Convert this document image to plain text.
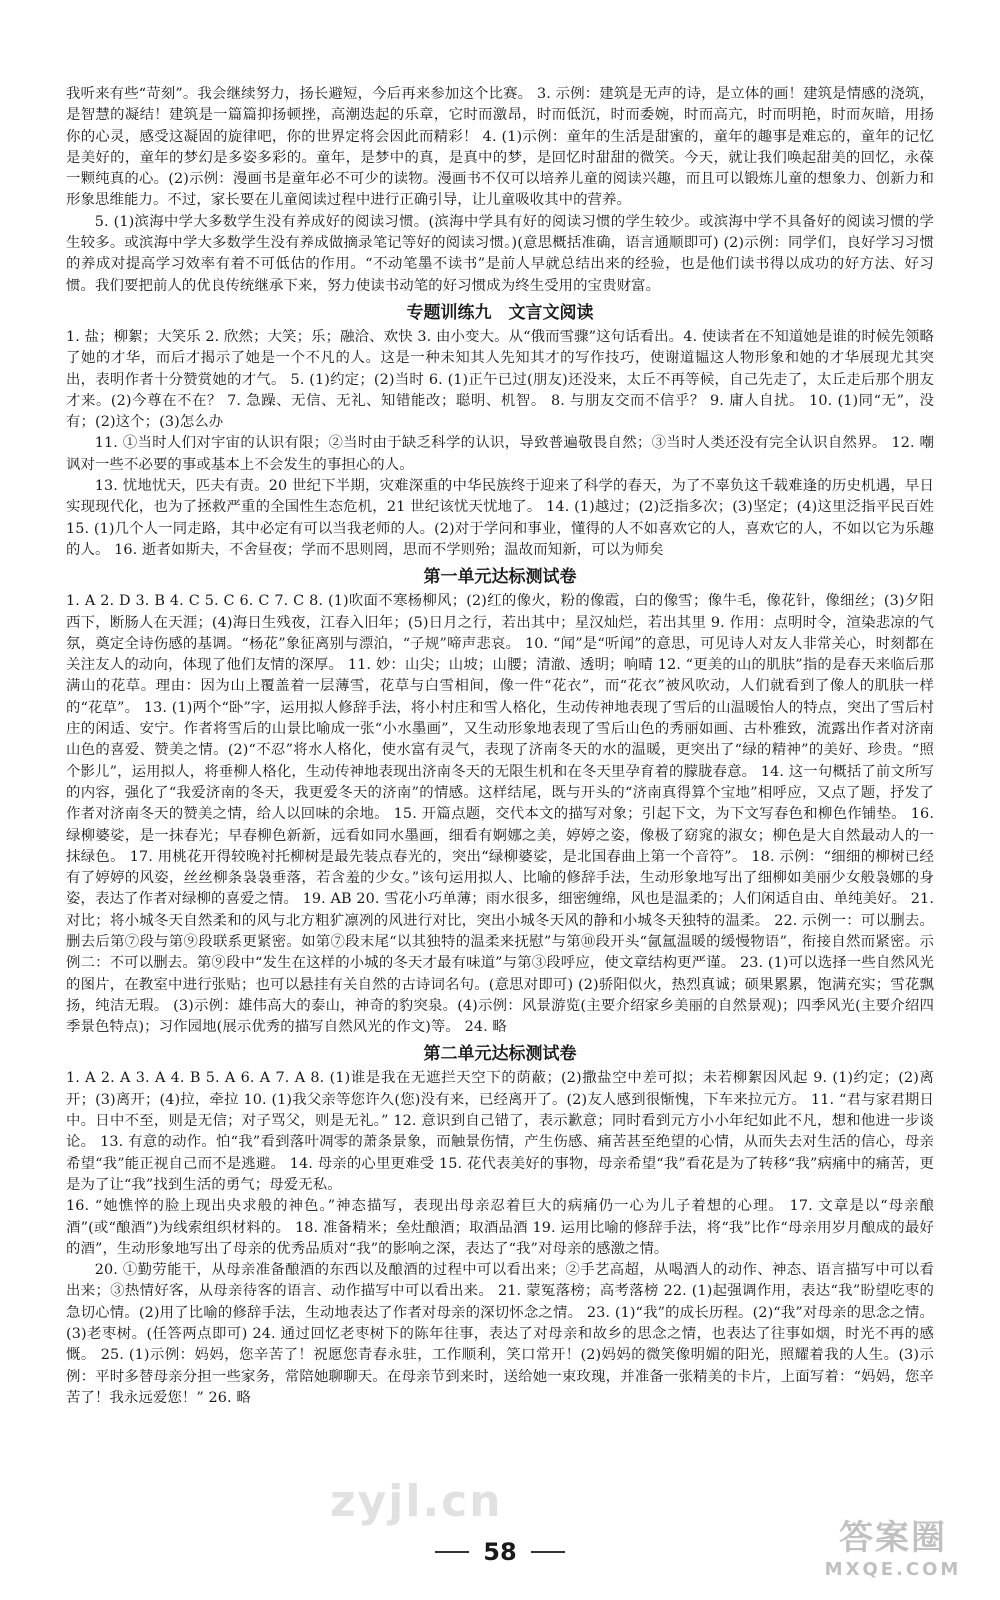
我听来有些“苛刻”。我会继续努力，扬长避短，今后再来参加这个比赛。 3. 示例：建筑是无声的诗，是立体的画！建筑是情感的浇筑，是智慧的凝结！建筑是一篇篇抑扬顿挫，高潮迭起的乐章，它时而激昂，时而低沉，时而委婉，时而高亢，时而明艳，时而灰暗，用扬你的心灵，感受这凝固的旋律吧，你的世界定将会因此而精彩！ 4. (1)示例：童年的生活是甜蜜的，童年的趣事是难忘的，童年的记忆是美好的，童年的梦幻是多姿多彩的。童年，是梦中的真，是真中的梦，是回忆时甜甜的微笑。今天，就让我们唤起甜美的回忆，永葆一颗纯真的心。(2)示例：漫画书是童年必不可少的读物。漫画书不仅可以培养儿童的阅读兴趣，而且可以锻炼儿童的想象力、创新力和形象思维能力。不过，家长要在儿童阅读过程中进行正确引导，让儿童吸收其中的营养。

5. (1)滨海中学大多数学生没有养成好的阅读习惯。(滨海中学具有好的阅读习惯的学生较少。或滨海中学不具备好的阅读习惯的学生较多。或滨海中学大多数学生没有养成做摘录笔记等好的阅读习惯。)(意思概括准确，语言通顺即可) (2)示例：同学们，良好学习习惯的养成对提高学习效率有着不可低估的作用。“不动笔墨不读书”是前人早就总结出来的经验，也是他们读书得以成功的好方法、好习惯。我们要把前人的优良传统继承下来，努力使读书动笔的好习惯成为终生受用的宝贵财富。

专题训练九　文言文阅读

1. 盐；柳絮；大笑乐 2. 欣然；大笑；乐；融洽、欢快 3. 由小变大。从“俄而雪骤”这句话看出。4. 使读者在不知道她是谁的时候先领略了她的才华，而后才揭示了她是一个不凡的人。这是一种未知其人先知其才的写作技巧，使谢道韫这人物形象和她的才华展现尤其突出，表明作者十分赞赏她的才气。 5. (1)约定；(2)当时 6. (1)正午已过(朋友)还没来，太丘不再等候，自己先走了，太丘走后那个朋友才来。(2)今尊在不在？ 7. 急躁、无信、无礼、知错能改；聪明、机智。 8. 与朋友交而不信乎？ 9. 庸人自扰。 10. (1)同“无”，没有；(2)这个；(3)怎么办

11. ①当时人们对宇宙的认识有限；②当时由于缺乏科学的认识，导致普遍敬畏自然；③当时人类还没有完全认识自然界。 12. 嘲讽对一些不必要的事或基本上不会发生的事担心的人。

13. 忧地忧天，匹夫有责。20 世纪下半期，灾难深重的中华民族终于迎来了科学的春天，为了不辜负这千载难逢的历史机遇，早日实现现代化，也为了拯救严重的全国性生态危机，21 世纪该忧天忧地了。 14. (1)越过；(2)泛指多次；(3)坚定；(4)这里泛指平民百姓 15. (1)几个人一同走路，其中必定有可以当我老师的人。(2)对于学问和事业，懂得的人不如喜欢它的人，喜欢它的人，不如以它为乐趣的人。 16. 逝者如斯夫，不舍昼夜；学而不思则罔，思而不学则殆；温故而知新，可以为师矣

第一单元达标测试卷

1. A 2. D 3. B 4. C 5. C 6. C 7. C 8. (1)吹面不寒杨柳风；(2)红的像火，粉的像霞，白的像雪；像牛毛，像花针，像细丝；(3)夕阳西下，断肠人在天涯；(4)海日生残夜，江春入旧年；(5)日月之行，若出其中；星汉灿烂，若出其里 9. 作用：点明时令，渲染悲凉的气氛，奠定全诗伤感的基调。“杨花”象征离别与漂泊，“子规”啼声悲哀。 10. “闻”是“听闻”的意思，可见诗人对友人非常关心，时刻都在关注友人的动向，体现了他们友情的深厚。 11. 妙：山尖；山坡；山腰；清澈、透明；响晴 12. “更美的山的肌肤”指的是春天来临后那满山的花草。理由：因为山上覆盖着一层薄雪，花草与白雪相间，像一件“花衣”，而“花衣”被风吹动，人们就看到了像人的肌肤一样的“花草”。 13. (1)两个“卧”字，运用拟人修辞手法，将小村庄和雪人格化，生动传神地表现了雪后的山温暖怡人的特点，突出了雪后村庄的闲适、安宁。作者将雪后的山景比喻成一张“小水墨画”，又生动形象地表现了雪后山色的秀丽如画、古朴雅致，流露出作者对济南山色的喜爱、赞美之情。(2)“不忍”将水人格化，使水富有灵气，表现了济南冬天的水的温暖，更突出了“绿的精神”的美好、珍贵。“照个影儿”，运用拟人，将垂柳人格化，生动传神地表现出济南冬天的无限生机和在冬天里孕育着的朦胧春意。 14. 这一句概括了前文所写的内容，强化了“我爱济南的冬天，我更爱冬天的济南”的情感。这样结尾，既与开头的“济南真得算个宝地”相呼应，又点了题，抒发了作者对济南冬天的赞美之情，给人以回味的余地。 15. 开篇点题，交代本文的描写对象；引起下文，为下文写春色和柳色作铺垫。 16. 绿柳婆娑，是一抹春光；早春柳色新新，远看如同水墨画，细看有婀娜之美，婷婷之姿，像极了窈窕的淑女；柳色是大自然最动人的一抹绿色。 17. 用桃花开得较晚衬托柳树是最先装点春光的，突出“绿柳婆娑，是北国春曲上第一个音符”。 18. 示例：“细细的柳树已经有了婷婷的风姿，丝丝柳条袅袅垂落，若含羞的少女。”该句运用拟人、比喻的修辞手法，生动形象地写出了细柳如美丽少女般袅娜的身姿，表达了作者对绿柳的喜爱之情。 19. AB 20. 雪花小巧单薄；雨水很多，细密缠绵，风也是温柔的；人们闲适自由、单纯美好。 21. 对比；将小城冬天自然柔和的风与北方粗犷凛冽的风进行对比，突出小城冬天风的静和小城冬天独特的温柔。 22. 示例一：可以删去。删去后第⑦段与第⑨段联系更紧密。如第⑦段末尾“以其独特的温柔来抚慰”与第⑩段开头“氤氲温暖的缓慢物语”，衔接自然而紧密。示例二：不可以删去。第⑨段中“发生在这样的小城的冬天才最有味道”与第③段呼应，使文章结构更严谨。 23. (1)可以选择一些自然风光的图片，在教室中进行张贴；也可以悬挂有关自然的古诗词名句。(意思对即可) (2)骄阳似火，热烈真诚；硕果累累，饱满充实；雪花飘扬，纯洁无瑕。 (3)示例：雄伟高大的泰山，神奇的豹突泉。(4)示例：风景游览(主要介绍家乡美丽的自然景观)；四季风光(主要介绍四季景色特点)；习作园地(展示优秀的描写自然风光的作文)等。 24. 略

第二单元达标测试卷

1. A 2. A 3. A 4. B 5. A 6. A 7. A 8. (1)谁是我在无遮拦天空下的荫蔽；(2)撒盐空中差可拟；未若柳絮因风起 9. (1)约定；(2)离开；(3)离开；(4)拉，牵拉 10. (1)我父亲等您许久(您)没有来，已经离开了。(2)友人感到很惭愧，下车来拉元方。 11. “君与家君期日中。日中不至，则是无信；对子骂父，则是无礼。” 12. 意识到自己错了，表示歉意；同时看到元方小小年纪如此不凡，想和他进一步谈论。 13. 有意的动作。怕“我”看到落叶凋零的萧条景象，而触景伤情，产生伤感、痛苦甚至绝望的心情，从而失去对生活的信心，母亲希望“我”能正视自己而不是逃避。 14. 母亲的心里更难受 15. 花代表美好的事物，母亲希望“我”看花是为了转移“我”病痛中的痛苦，更是为了让“我”找到生活的勇气；母爱无私。

16. “她憔悴的脸上现出央求般的神色。”神态描写，表现出母亲忍着巨大的病痛仍一心为儿子着想的心理。 17. 文章是以“母亲酿酒”(或“酿酒”)为线索组织材料的。 18. 准备精米；垒灶酿酒；取酒品酒 19. 运用比喻的修辞手法，将“我”比作“母亲用岁月酿成的最好的酒”，生动形象地写出了母亲的优秀品质对“我”的影响之深，表达了“我”对母亲的感激之情。

20. ①勤劳能干，从母亲准备酿酒的东西以及酿酒的过程中可以看出来；②手艺高超，从喝酒人的动作、神态、语言描写中可以看出来；③热情好客，从母亲待客的语言、动作描写中可以看出来。 21. 蒙冤落榜；高考落榜 22. (1)起强调作用，表达“我”盼望吃枣的急切心情。(2)用了比喻的修辞手法，生动地表达了作者对母亲的深切怀念之情。 23. (1)“我”的成长历程。(2)“我”对母亲的思念之情。(3)老枣树。(任答两点即可) 24. 通过回忆老枣树下的陈年往事，表达了对母亲和故乡的思念之情，也表达了往事如烟，时光不再的感慨。 25. (1)示例：妈妈，您辛苦了！祝愿您青春永驻，工作顺利，笑口常开！(2)妈妈的微笑像明媚的阳光，照耀着我的人生。(3)示例：平时多替母亲分担一些家务，常陪她聊聊天。在母亲节到来时，送给她一束玫瑰，并准备一张精美的卡片，上面写着：“妈妈，您辛苦了！我永远爱您！” 26. 略

58
zyjl.cn
答案圈
MXQE.COM
